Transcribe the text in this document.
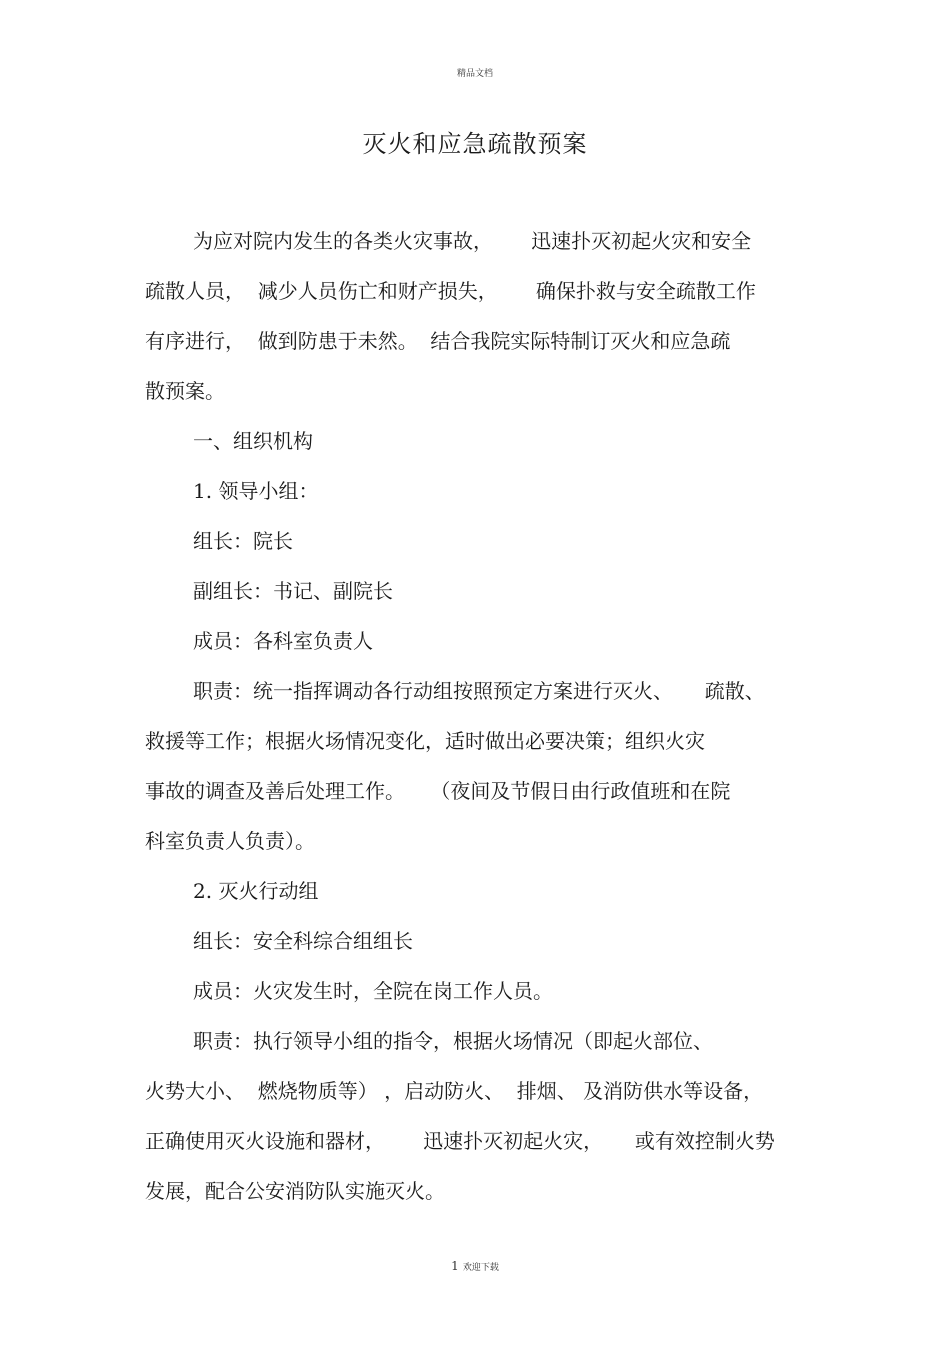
精品文档
灭火和应急疏散预案

为应对院内发生的各类火灾事故，      迅速扑灭初起火灾和安全

疏散人员，  减少人员伤亡和财产损失，      确保扑救与安全疏散工作

有序进行，  做到防患于未然。  结合我院实际特制订灭火和应急疏

散预案。

一、组织机构

1. 领导小组：

组长：院长

副组长：书记、副院长

成员：各科室负责人

职责：统一指挥调动各行动组按照预定方案进行灭火、     疏散、

救援等工作；根据火场情况变化，适时做出必要决策；组织火灾

事故的调查及善后处理工作。    （夜间及节假日由行政值班和在院

科室负责人负责）。

2. 灭火行动组

组长：安全科综合组组长

成员：火灾发生时，全院在岗工作人员。

职责：执行领导小组的指令，根据火场情况（即起火部位、

火势大小、  燃烧物质等） ，启动防火、  排烟、 及消防供水等设备，

正确使用灭火设施和器材，      迅速扑灭初起火灾，     或有效控制火势

发展，配合公安消防队实施灭火。

1 欢迎下载
